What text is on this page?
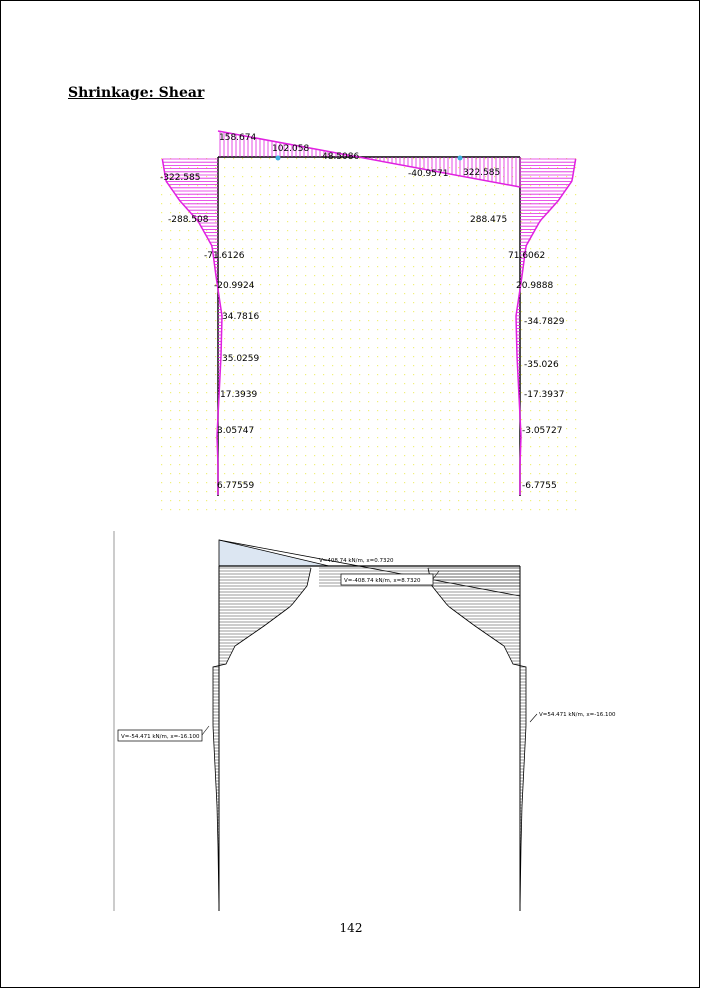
Shrinkage: Shear
158.674
102.058
48.5086
-40.9571 322.585
-322.585
-288.508
-71.6126
-20.9924
34.7816
35.0259
17.3939
3.05747
6.77559
288.475
71.6062
20.9888
-34.7829
-35.026
-17.3937
-3.05727
-6.7755
V=408.74 kN/m, x=0.7320
V=-408.74 kN/m, x=8.7320
V=-54.471 kN/m, x=-16.100
V=54.471 kN/m, x=-16.100
142
